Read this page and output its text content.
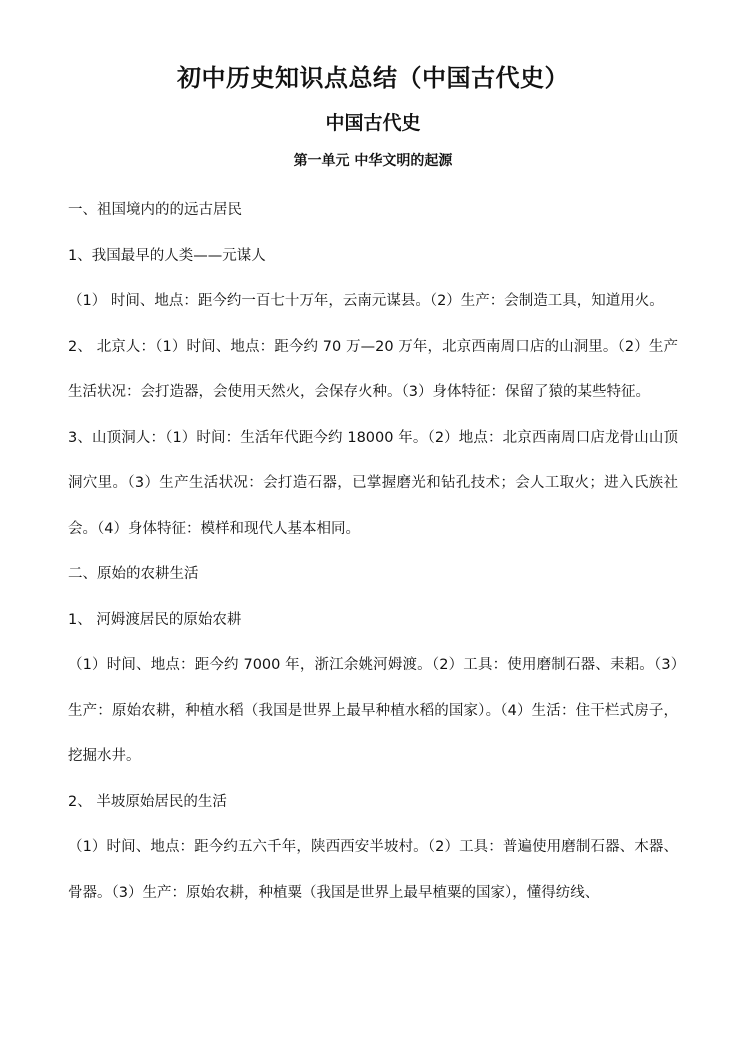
初中历史知识点总结（中国古代史）
中国古代史
第一单元 中华文明的起源

一、祖国境内的的远古居民

1、我国最早的人类——元谋人

（1） 时间、地点：距今约一百七十万年，云南元谋县。（2）生产：会制造工具，知道用火。

2、 北京人：（1）时间、地点：距今约 70 万—20 万年，北京西南周口店的山洞里。（2）生产生活状况：会打造器，会使用天然火，会保存火种。（3）身体特征：保留了猿的某些特征。

3、山顶洞人：（1）时间：生活年代距今约 18000 年。（2）地点：北京西南周口店龙骨山山顶洞穴里。（3）生产生活状况：会打造石器，已掌握磨光和钻孔技术；会人工取火；进入氏族社会。（4）身体特征：模样和现代人基本相同。

二、原始的农耕生活

1、 河姆渡居民的原始农耕

（1）时间、地点：距今约 7000 年，浙江余姚河姆渡。（2）工具：使用磨制石器、耒耜。（3）生产：原始农耕，种植水稻（我国是世界上最早种植水稻的国家）。（4）生活：住干栏式房子，挖掘水井。

2、 半坡原始居民的生活

（1）时间、地点：距今约五六千年，陕西西安半坡村。（2）工具：普遍使用磨制石器、木器、骨器。（3）生产：原始农耕，种植粟（我国是世界上最早植粟的国家），懂得纺线、
